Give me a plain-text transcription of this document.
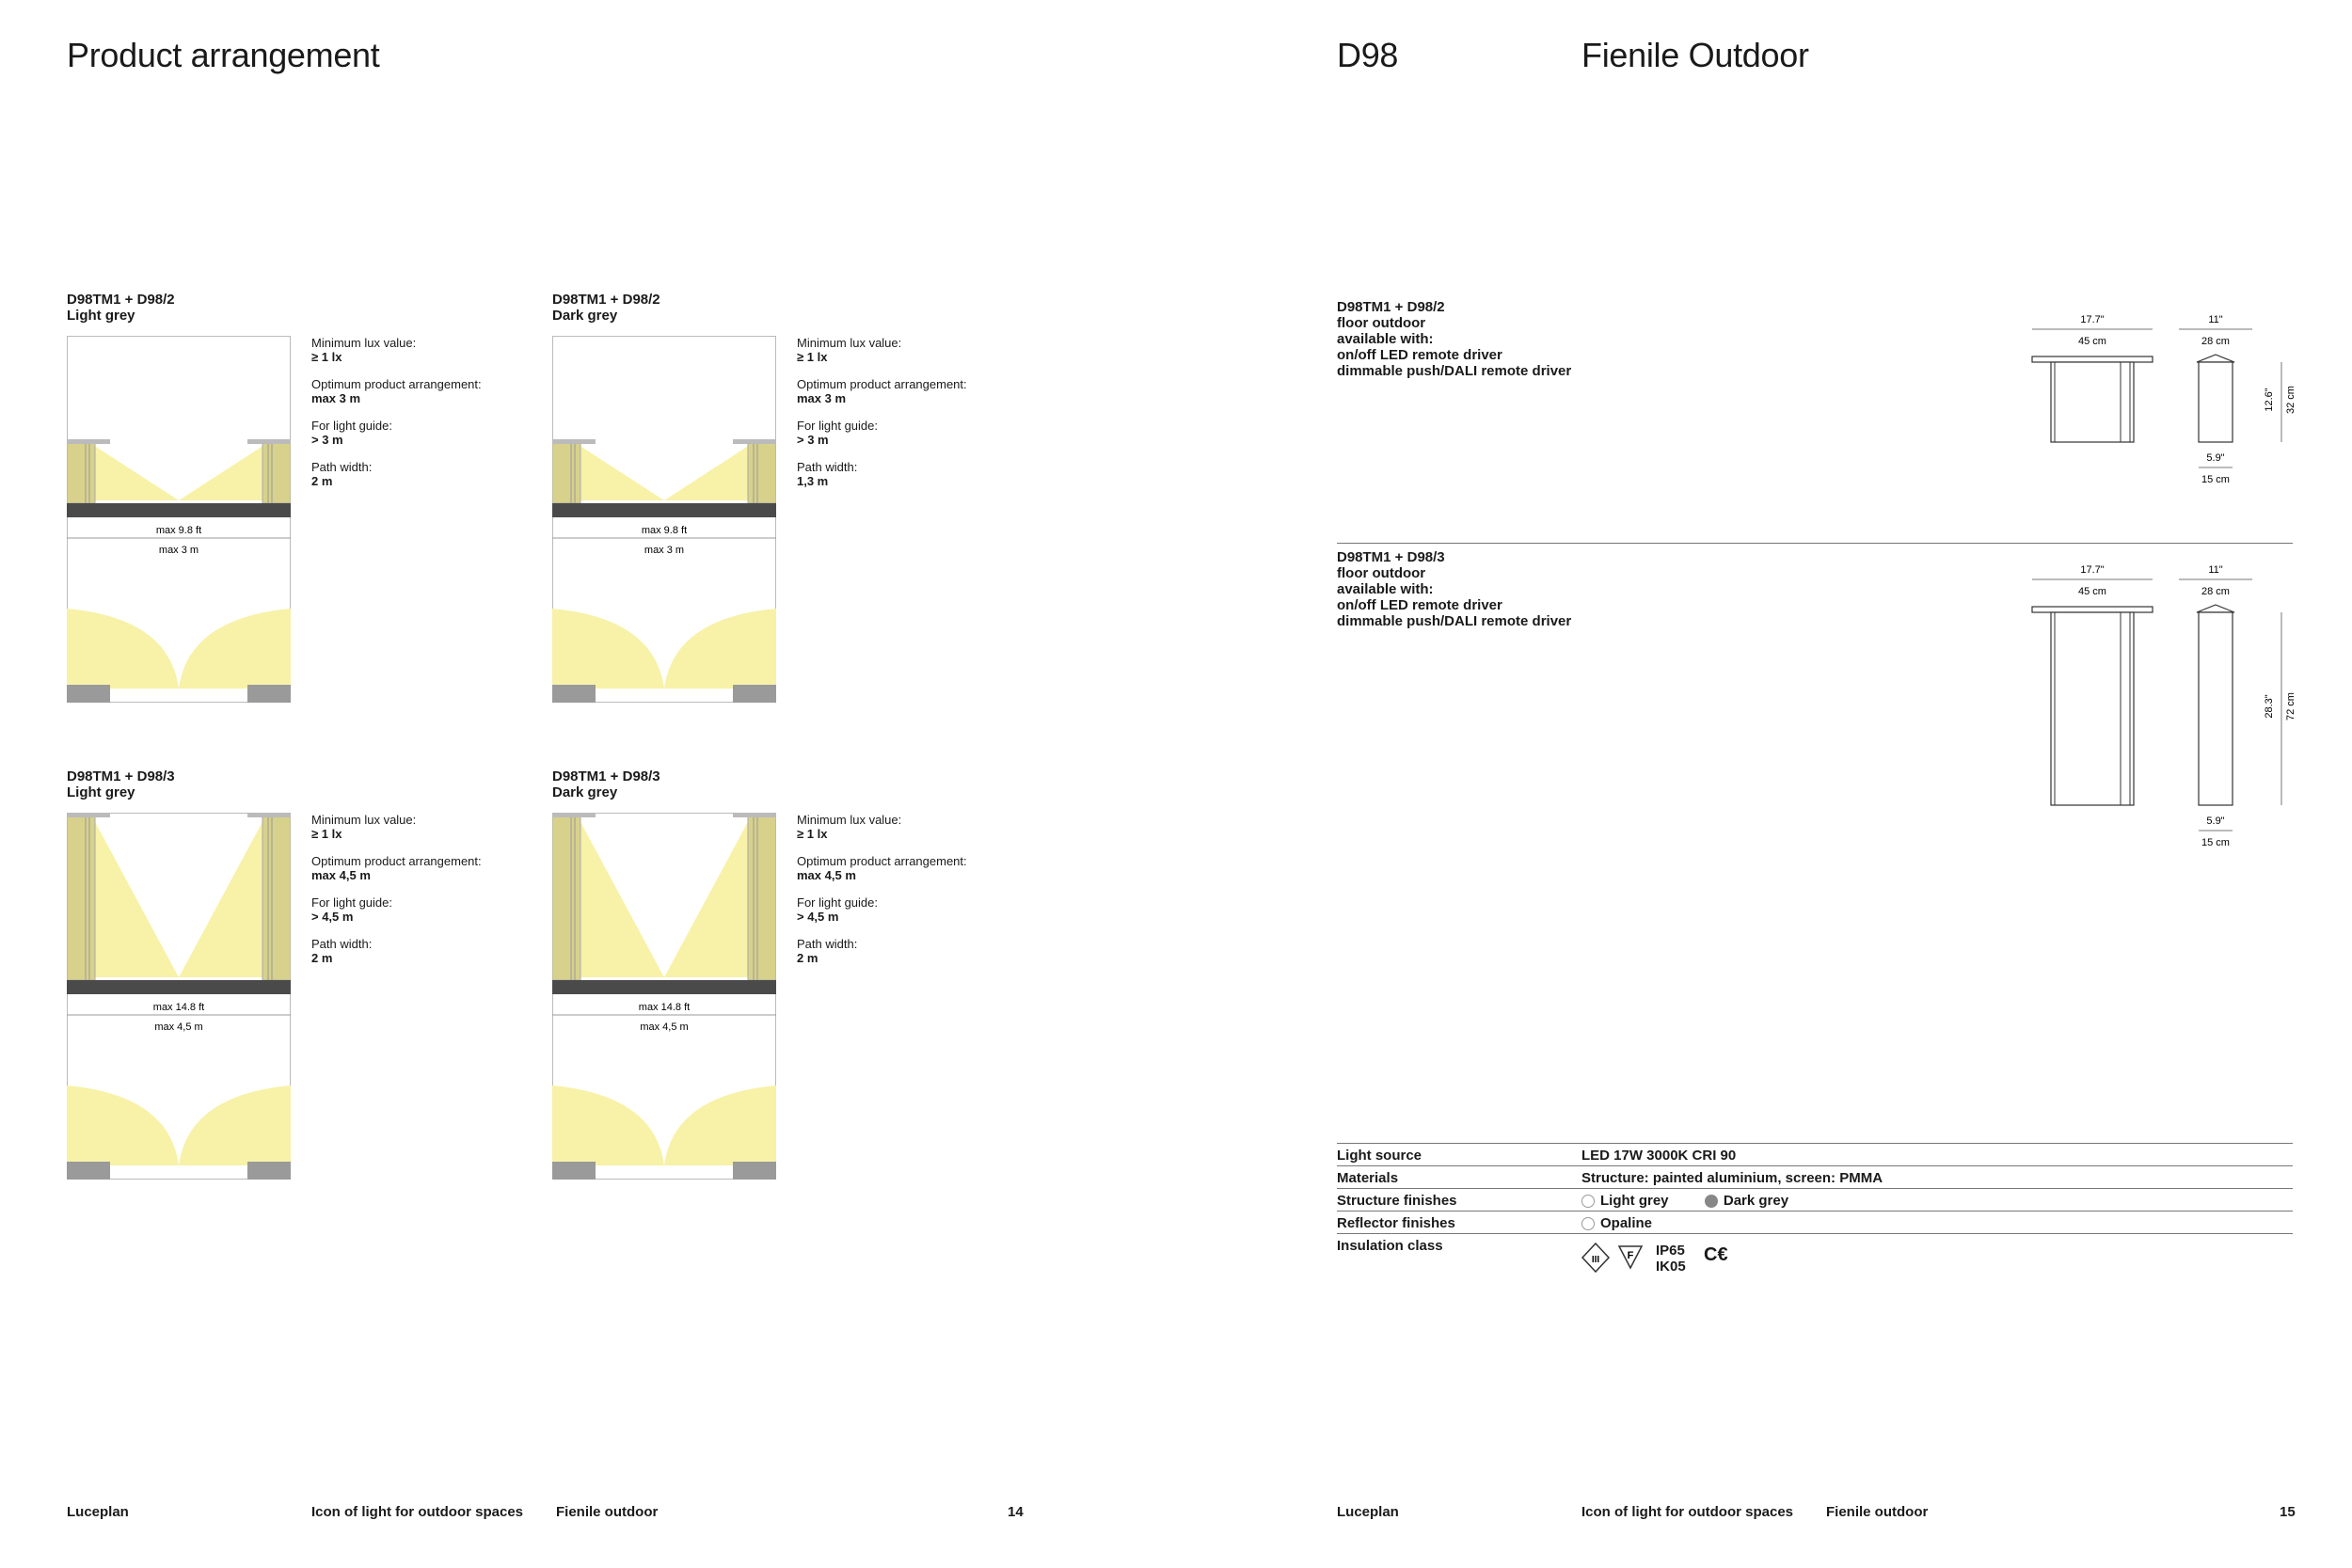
Product arrangement
D98TM1 + D98/2
Light grey
Minimum lux value:
≥ 1 lx
Optimum product arrangement:
max 3 m
For light guide:
> 3 m
Path width:
2 m
max 9.8 ft
max 3 m
D98TM1 + D98/2
Dark grey
Minimum lux value:
≥ 1 lx
Optimum product arrangement:
max 3 m
For light guide:
> 3 m
Path width:
1,3 m
max 9.8 ft
max 3 m
D98TM1 + D98/3
Light grey
Minimum lux value:
≥ 1 lx
Optimum product arrangement:
max 4,5 m
For light guide:
> 4,5 m
Path width:
2 m
max 14.8 ft
max 4,5 m
D98TM1 + D98/3
Dark grey
Minimum lux value:
≥ 1 lx
Optimum product arrangement:
max 4,5 m
For light guide:
> 4,5 m
Path width:
2 m
max 14.8 ft
max 4,5 m
Luceplan	Icon of light for outdoor spaces Fienile outdoor	14
D98	Fienile Outdoor
D98TM1 + D98/2
floor outdoor
available with:
on/off LED remote driver
dimmable push/DALI remote driver
17.7"
45 cm
11"
28 cm
12.6" 32 cm
5.9"
15 cm
D98TM1 + D98/3
floor outdoor
available with:
on/off LED remote driver
dimmable push/DALI remote driver
17.7"
45 cm
11"
28 cm
28.3" 72 cm
5.9"
15 cm
Light source	LED 17W 3000K CRI 90
Materials	Structure: painted aluminium, screen: PMMA
Structure finishes	Light grey	Dark grey
Reflector finishes	Opaline
Insulation class
III	F IP65
IK05
C€
Luceplan	Icon of light for outdoor spaces Fienile outdoor	15
